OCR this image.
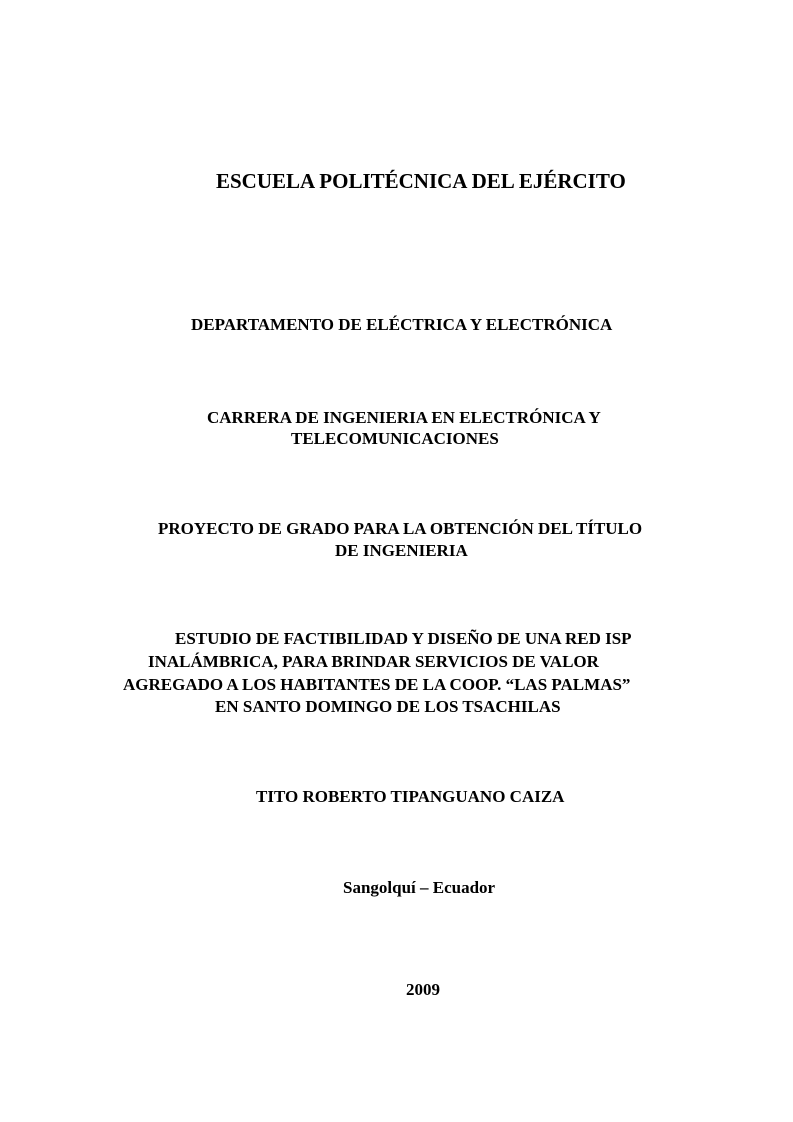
ESCUELA POLITÉCNICA DEL EJÉRCITO
DEPARTAMENTO DE ELÉCTRICA Y ELECTRÓNICA
CARRERA DE INGENIERIA EN ELECTRÓNICA Y
TELECOMUNICACIONES
PROYECTO DE GRADO PARA LA OBTENCIÓN DEL TÍTULO
DE INGENIERIA
ESTUDIO DE FACTIBILIDAD Y DISEÑO DE UNA RED ISP
INALÁMBRICA, PARA BRINDAR SERVICIOS DE VALOR
AGREGADO A LOS HABITANTES DE LA COOP. “LAS PALMAS”
EN SANTO DOMINGO DE LOS TSACHILAS
TITO ROBERTO TIPANGUANO CAIZA
Sangolquí – Ecuador
2009
